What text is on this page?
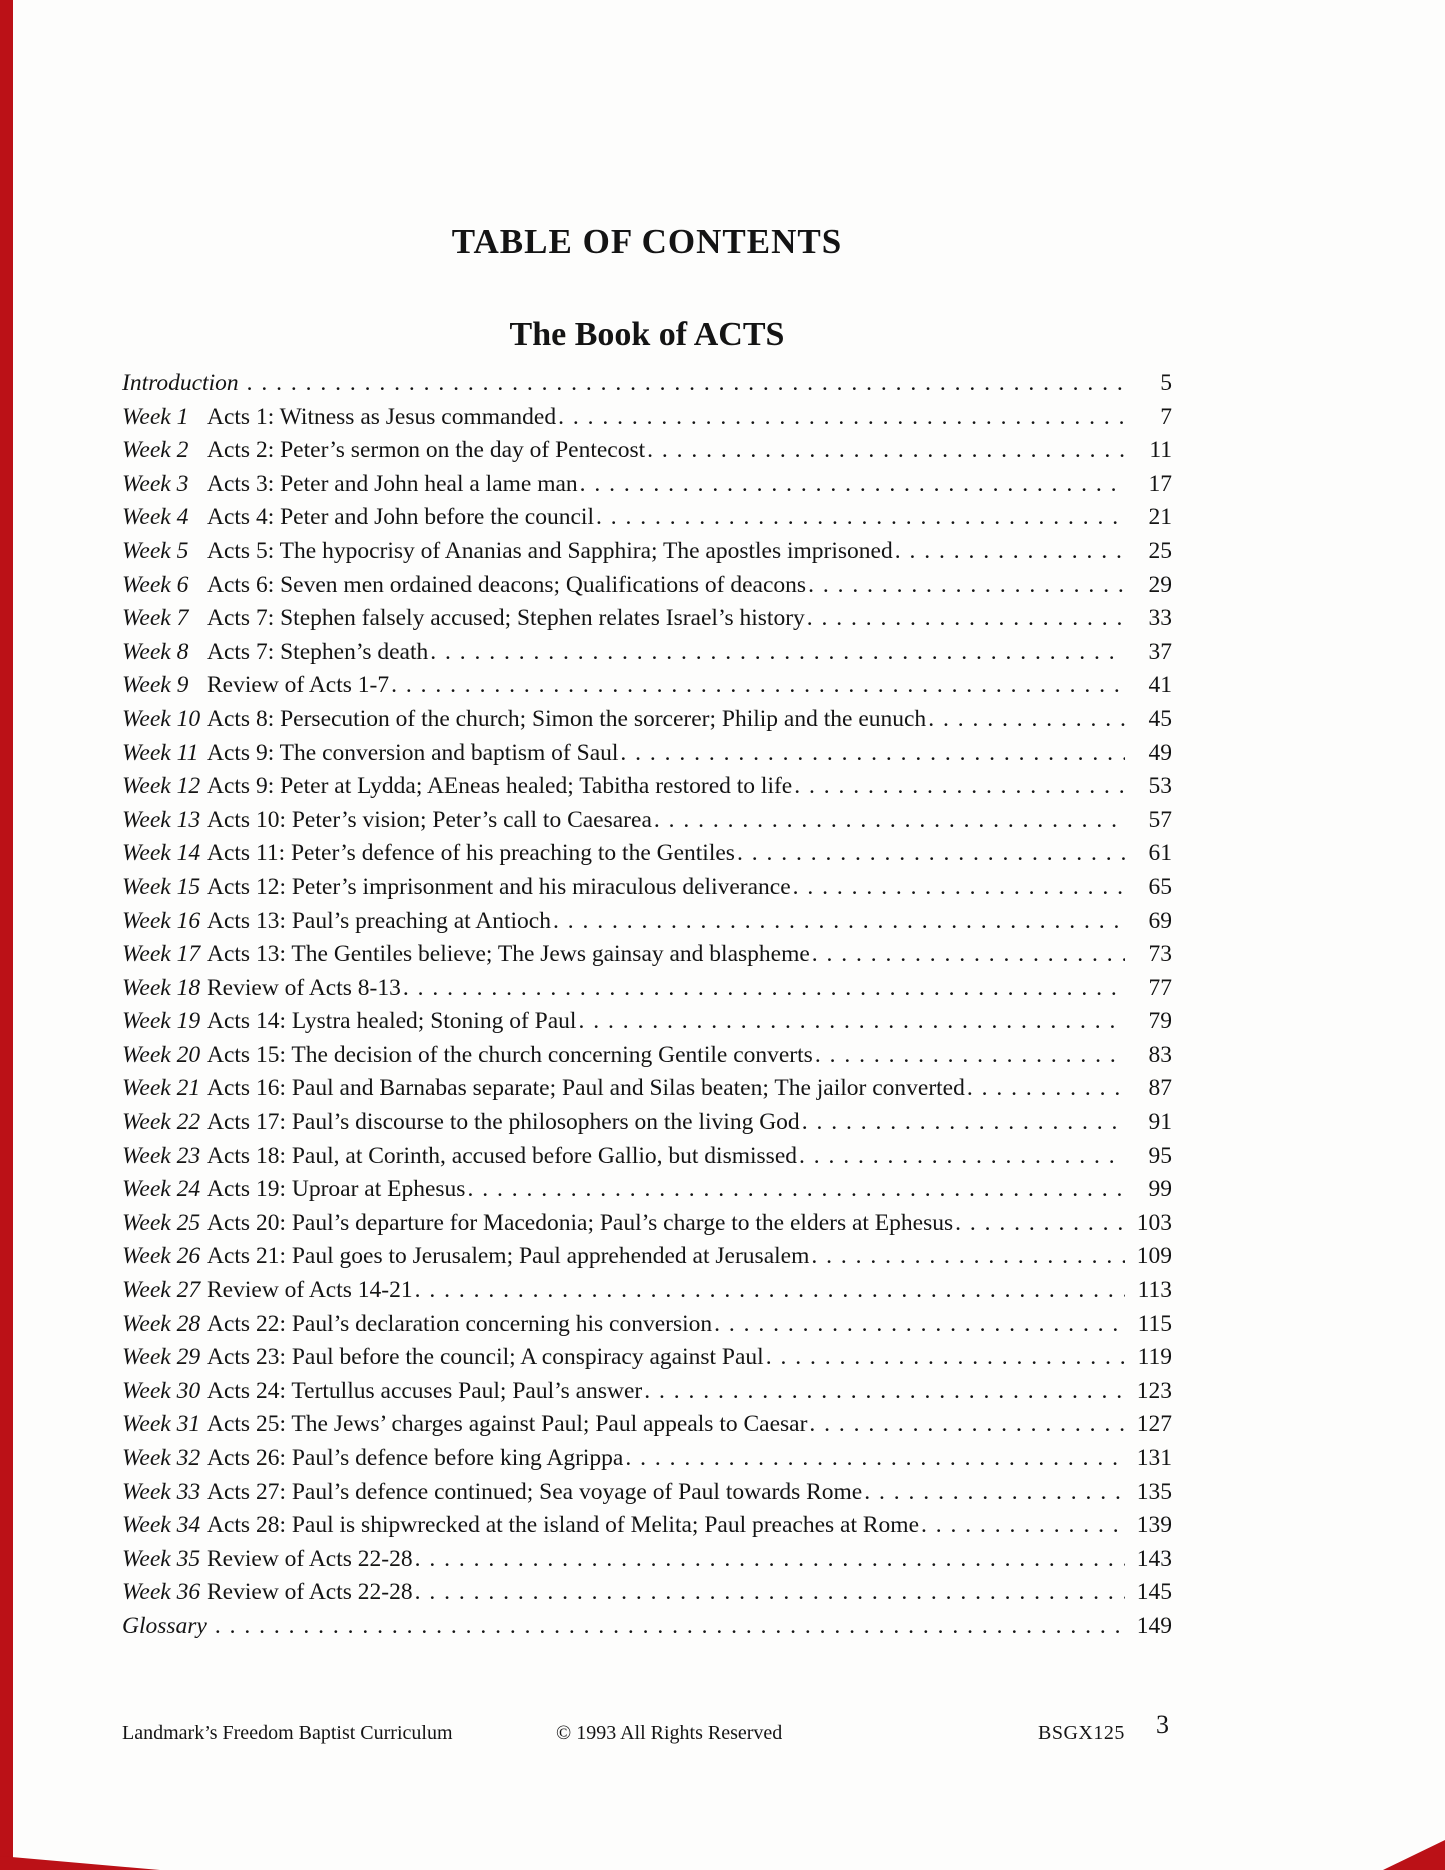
TABLE OF CONTENTS
The Book of ACTS
Introduction . . .	5
Week 1 Acts 1: Witness as Jesus commanded . . .	7
Week 2 Acts 2: Peter’s sermon on the day of Pentecost . . .	11
Week 3 Acts 3: Peter and John heal a lame man . . .	17
Week 4 Acts 4: Peter and John before the council . . .	21
Week 5 Acts 5: The hypocrisy of Ananias and Sapphira; The apostles imprisoned . . .	25
Week 6 Acts 6: Seven men ordained deacons; Qualifications of deacons . . .	29
Week 7 Acts 7: Stephen falsely accused; Stephen relates Israel’s history . . .	33
Week 8 Acts 7: Stephen’s death . . .	37
Week 9 Review of Acts 1-7 . . .	41
Week 10 Acts 8: Persecution of the church; Simon the sorcerer; Philip and the eunuch . . .	45
Week 11 Acts 9: The conversion and baptism of Saul . . .	49
Week 12 Acts 9: Peter at Lydda; AEneas healed; Tabitha restored to life . . .	53
Week 13 Acts 10: Peter’s vision; Peter’s call to Caesarea . . .	57
Week 14 Acts 11: Peter’s defence of his preaching to the Gentiles . . .	61
Week 15 Acts 12: Peter’s imprisonment and his miraculous deliverance . . .	65
Week 16 Acts 13: Paul’s preaching at Antioch . . .	69
Week 17 Acts 13: The Gentiles believe; The Jews gainsay and blaspheme . . .	73
Week 18 Review of Acts 8-13 . . .	77
Week 19 Acts 14: Lystra healed; Stoning of Paul . . .	79
Week 20 Acts 15: The decision of the church concerning Gentile converts . . .	83
Week 21 Acts 16: Paul and Barnabas separate; Paul and Silas beaten; The jailor converted . . .	87
Week 22 Acts 17: Paul’s discourse to the philosophers on the living God . . .	91
Week 23 Acts 18: Paul, at Corinth, accused before Gallio, but dismissed . . .	95
Week 24 Acts 19: Uproar at Ephesus . . .	99
Week 25 Acts 20: Paul’s departure for Macedonia; Paul’s charge to the elders at Ephesus . . .	103
Week 26 Acts 21: Paul goes to Jerusalem; Paul apprehended at Jerusalem . . .	109
Week 27 Review of Acts 14-21 . . .	113
Week 28 Acts 22: Paul’s declaration concerning his conversion . . .	115
Week 29 Acts 23: Paul before the council; A conspiracy against Paul . . .	119
Week 30 Acts 24: Tertullus accuses Paul; Paul’s answer . . .	123
Week 31 Acts 25: The Jews’ charges against Paul; Paul appeals to Caesar . . .	127
Week 32 Acts 26: Paul’s defence before king Agrippa . . .	131
Week 33 Acts 27: Paul’s defence continued; Sea voyage of Paul towards Rome . . .	135
Week 34 Acts 28: Paul is shipwrecked at the island of Melita; Paul preaches at Rome . . .	139
Week 35 Review of Acts 22-28 . . .	143
Week 36 Review of Acts 22-28 . . .	145
Glossary . . .	149
Landmark’s Freedom Baptist Curriculum	© 1993 All Rights Reserved	BSGX125 3
